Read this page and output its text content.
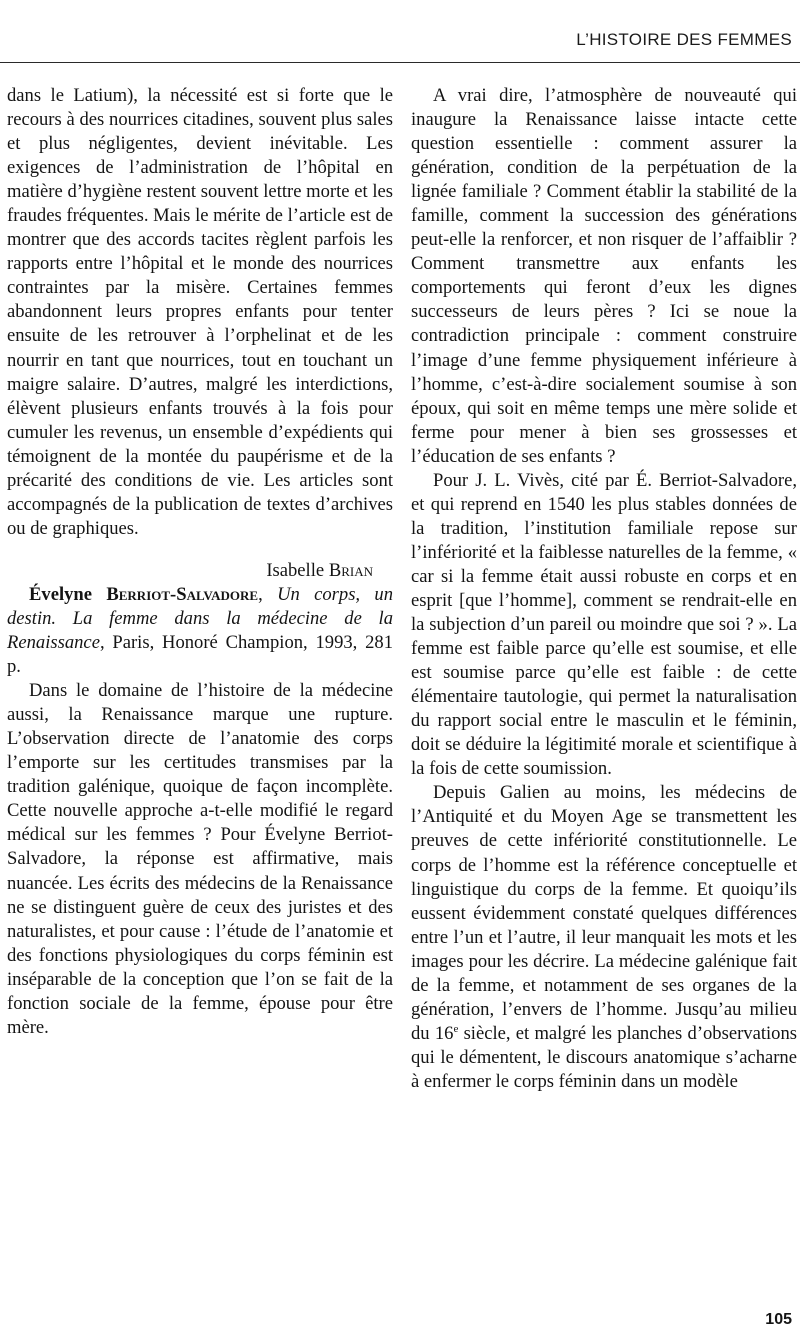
L’HISTOIRE DES FEMMES

dans le Latium), la nécessité est si forte que le recours à des nourrices citadines, souvent plus sales et plus négligentes, devient inévitable. Les exigences de l’administration de l’hôpital en matière d’hygiène restent souvent lettre morte et les fraudes fréquentes. Mais le mérite de l’article est de montrer que des accords tacites règlent parfois les rapports entre l’hôpital et le monde des nourrices contraintes par la misère. Certaines femmes abandonnent leurs propres enfants pour tenter ensuite de les retrouver à l’orphelinat et de les nourrir en tant que nourrices, tout en touchant un maigre salaire. D’autres, malgré les interdictions, élèvent plusieurs enfants trouvés à la fois pour cumuler les revenus, un ensemble d’expédients qui témoignent de la montée du paupérisme et de la précarité des conditions de vie. Les articles sont accompagnés de la publication de textes d’archives ou de graphiques.

Isabelle Brian

Évelyne Berriot-Salvadore, Un corps, un destin. La femme dans la médecine de la Renaissance, Paris, Honoré Champion, 1993, 281 p.

Dans le domaine de l’histoire de la médecine aussi, la Renaissance marque une rupture. L’observation directe de l’anatomie des corps l’emporte sur les certitudes transmises par la tradition galénique, quoique de façon incomplète. Cette nouvelle approche a-t-elle modifié le regard médical sur les femmes ? Pour Évelyne Berriot-Salvadore, la réponse est affirmative, mais nuancée. Les écrits des médecins de la Renaissance ne se distinguent guère de ceux des juristes et des naturalistes, et pour cause : l’étude de l’anatomie et des fonctions physiologiques du corps féminin est inséparable de la conception que l’on se fait de la fonction sociale de la femme, épouse pour être mère.

A vrai dire, l’atmosphère de nouveauté qui inaugure la Renaissance laisse intacte cette question essentielle : comment assurer la génération, condition de la perpétuation de la lignée familiale ? Comment établir la stabilité de la famille, comment la succession des générations peut-elle la renforcer, et non risquer de l’affaiblir ? Comment transmettre aux enfants les comportements qui feront d’eux les dignes successeurs de leurs pères ? Ici se noue la contradiction principale : comment construire l’image d’une femme physiquement inférieure à l’homme, c’est-à-dire socialement soumise à son époux, qui soit en même temps une mère solide et ferme pour mener à bien ses grossesses et l’éducation de ses enfants ?

Pour J. L. Vivès, cité par É. Berriot-Salvadore, et qui reprend en 1540 les plus stables données de la tradition, l’institution familiale repose sur l’infériorité et la faiblesse naturelles de la femme, « car si la femme était aussi robuste en corps et en esprit [que l’homme], comment se rendrait-elle en la subjection d’un pareil ou moindre que soi ? ». La femme est faible parce qu’elle est soumise, et elle est soumise parce qu’elle est faible : de cette élémentaire tautologie, qui permet la naturalisation du rapport social entre le masculin et le féminin, doit se déduire la légitimité morale et scientifique à la fois de cette soumission.

Depuis Galien au moins, les médecins de l’Antiquité et du Moyen Age se transmettent les preuves de cette infériorité constitutionnelle. Le corps de l’homme est la référence conceptuelle et linguistique du corps de la femme. Et quoiqu’ils eussent évidemment constaté quelques différences entre l’un et l’autre, il leur manquait les mots et les images pour les décrire. La médecine galénique fait de la femme, et notamment de ses organes de la génération, l’envers de l’homme. Jusqu’au milieu du 16e siècle, et malgré les planches d’observations qui le démentent, le discours anatomique s’acharne à enfermer le corps féminin dans un modèle

105
